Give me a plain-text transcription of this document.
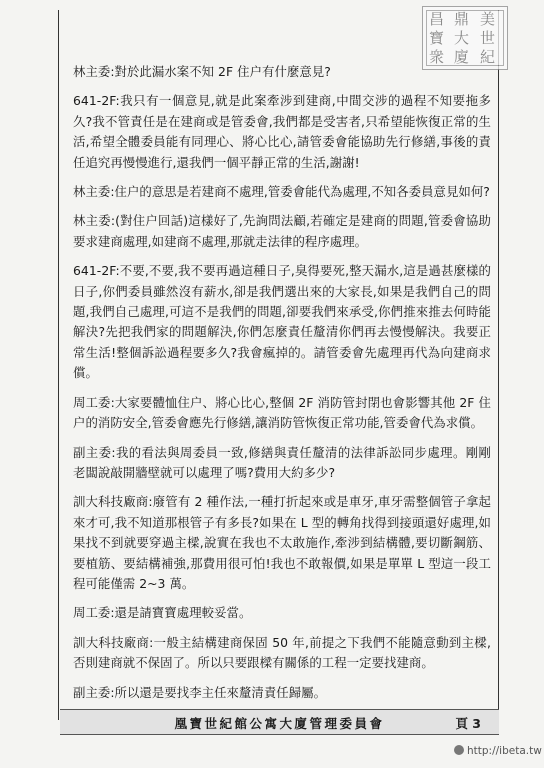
昌 鼎 美
寶 大 世
衆 廈 紀

林主委:對於此漏水案不知 2F 住户有什麼意見?

641-2F:我只有一個意見,就是此案牽涉到建商,中間交涉的過程不知要拖多久?我不管責任是在建商或是管委會,我們都是受害者,只希望能恢復正常的生活,希望全體委員能有同理心、將心比心,請管委會能協助先行修繕,事後的責任追究再慢慢進行,還我們一個平靜正常的生活,謝謝!

林主委:住户的意思是若建商不處理,管委會能代為處理,不知各委員意見如何?

林主委:(對住户回話)這樣好了,先詢問法顧,若確定是建商的問題,管委會協助要求建商處理,如建商不處理,那就走法律的程序處理。

641-2F:不要,不要,我不要再過這種日子,臭得要死,整天漏水,這是過甚麼樣的日子,你們委員雖然沒有薪水,卻是我們選出來的大家長,如果是我們自己的問題,我們自己處理,可這不是我們的問題,卻要我們來承受,你們推來推去何時能解決?先把我們家的問題解決,你們怎麼責任釐清你們再去慢慢解決。我要正常生活!整個訴訟過程要多久?我會瘋掉的。請管委會先處理再代為向建商求償。

周工委:大家要體恤住户、將心比心,整個 2F 消防管封閉也會影響其他 2F 住户的消防安全,管委會應先行修繕,讓消防管恢復正常功能,管委會代為求償。

副主委:我的看法與周委員一致,修繕與責任釐清的法律訴訟同步處理。剛剛老闆說敲開牆壁就可以處理了嗎?費用大約多少?

訓大科技廠商:廢管有 2 種作法,一種打折起來或是車牙,車牙需整個管子拿起來才可,我不知道那根管子有多長?如果在 L 型的轉角找得到接頭還好處理,如果找不到就要穿過主樑,說實在我也不太敢施作,牽涉到結構體,要切斷鋼筋、要植筋、要結構補強,那費用很可怕!我也不敢報價,如果是單單 L 型這一段工程可能僅需 2~3 萬。

周工委:還是請寶寶處理較妥當。

訓大科技廠商:一般主結構建商保固 50 年,前提之下我們不能隨意動到主樑,否則建商就不保固了。所以只要跟樑有關係的工程一定要找建商。

副主委:所以還是要找李主任來釐清責任歸屬。

凰寶世紀館公寓大廈管理委員會	頁 3
http://ibeta.tw
